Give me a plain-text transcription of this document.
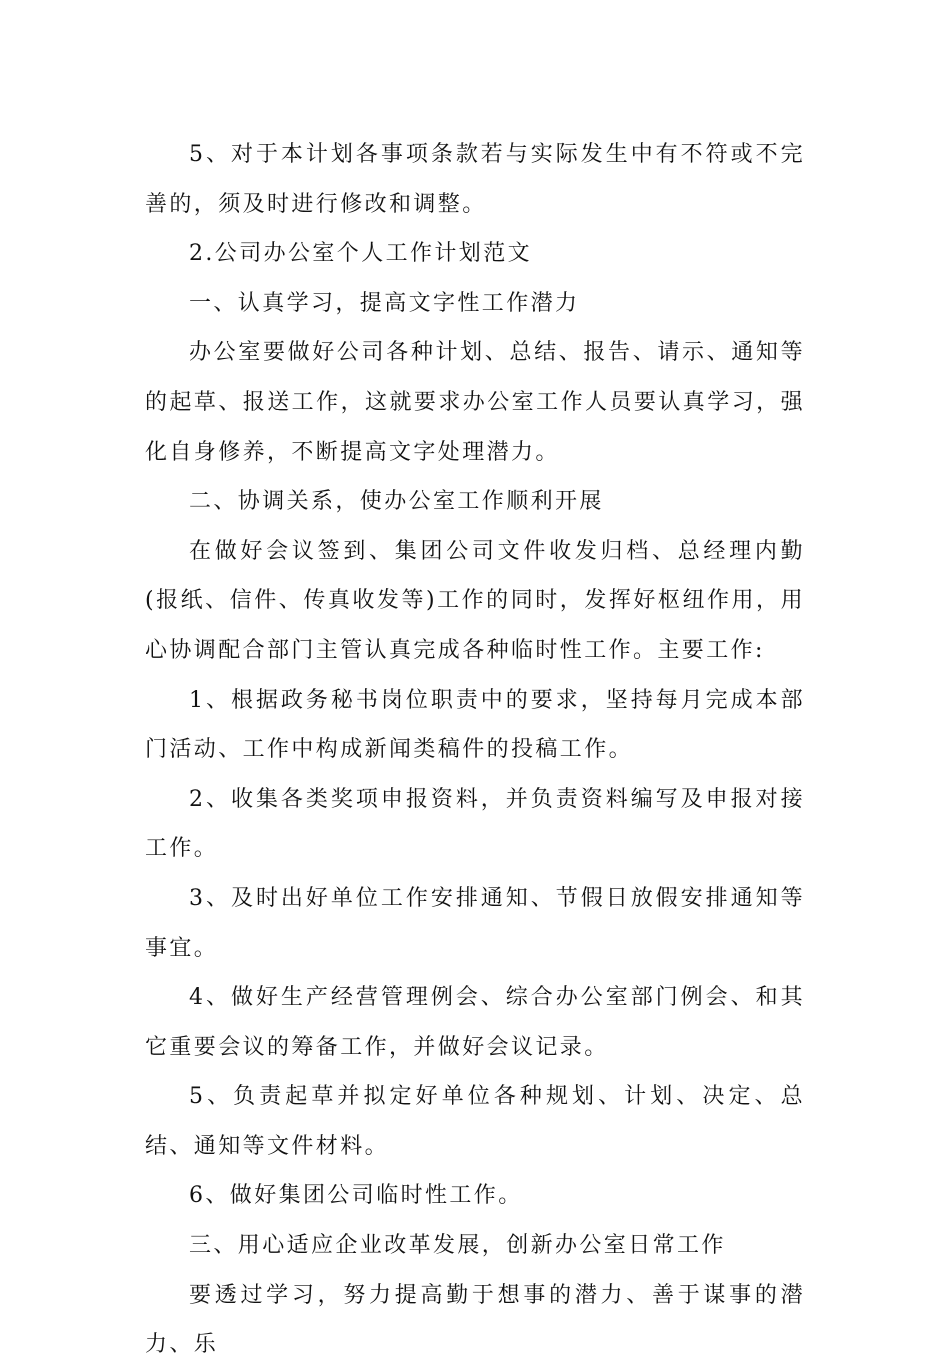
5、对于本计划各事项条款若与实际发生中有不符或不完善的，须及时进行修改和调整。

2.公司办公室个人工作计划范文

一、认真学习，提高文字性工作潜力

办公室要做好公司各种计划、总结、报告、请示、通知等的起草、报送工作，这就要求办公室工作人员要认真学习，强化自身修养，不断提高文字处理潜力。

二、协调关系，使办公室工作顺利开展

在做好会议签到、集团公司文件收发归档、总经理内勤(报纸、信件、传真收发等)工作的同时，发挥好枢纽作用，用心协调配合部门主管认真完成各种临时性工作。主要工作:

1、根据政务秘书岗位职责中的要求，坚持每月完成本部门活动、工作中构成新闻类稿件的投稿工作。

2、收集各类奖项申报资料，并负责资料编写及申报对接工作。

3、及时出好单位工作安排通知、节假日放假安排通知等事宜。

4、做好生产经营管理例会、综合办公室部门例会、和其它重要会议的筹备工作，并做好会议记录。

5、负责起草并拟定好单位各种规划、计划、决定、总结、通知等文件材料。

6、做好集团公司临时性工作。

三、用心适应企业改革发展，创新办公室日常工作

要透过学习，努力提高勤于想事的潜力、善于谋事的潜力、乐
